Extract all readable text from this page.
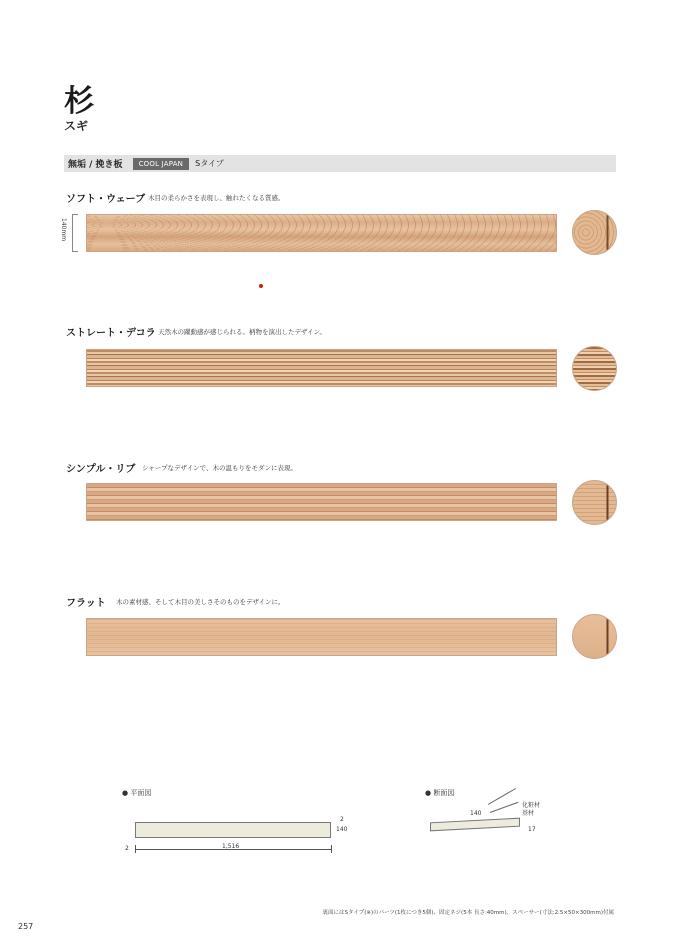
杉
スギ
無垢 / 挽き板	COOL JAPAN	Sタイプ
ソフト・ウェーブ 木目の柔らかさを表現し、触れたくなる質感。
140mm
ストレート・デコラ 天然木の躍動感が感じられる。柄物を演出したデザイン。
シンプル・リブ シャープなデザインで、木の温もりをモダンに表現。
フラット 木の素材感、そして木目の美しさそのものをデザインに。
● 平面図
2
140
2	1,516
● 断面図
化粧材
基材
140
17
裏面にはSタイプ(※)のパーツ(1枚につき5個)、固定ネジ(5本 長さ:40mm)、スペーサー(寸法:2.5×50×300mm)付属
257
